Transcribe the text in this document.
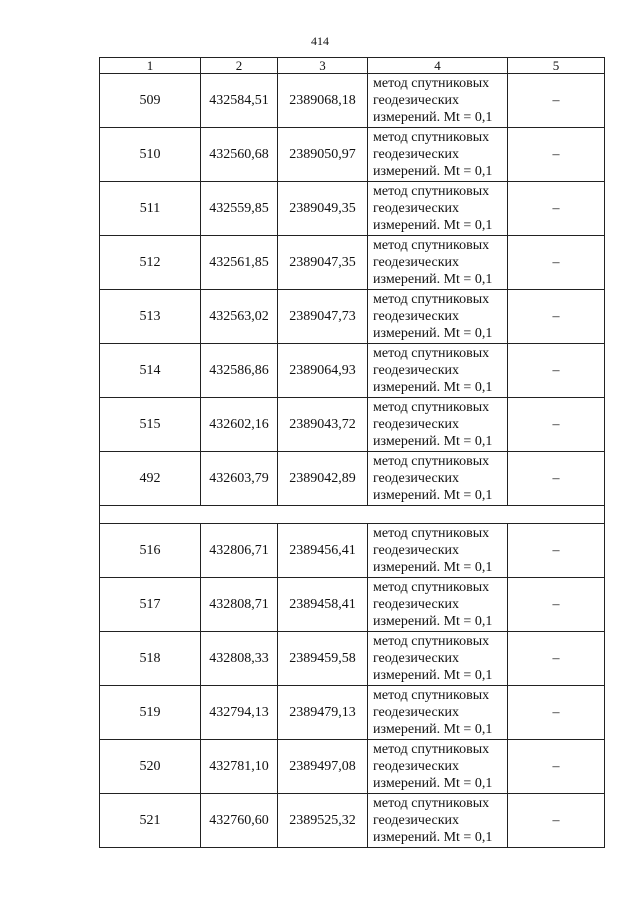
414
1	2	3	4	5
509	432584,51	2389068,18	метод спутниковых
геодезических
измерений. Mt = 0,1	–
510	432560,68	2389050,97	метод спутниковых
геодезических
измерений. Mt = 0,1	–
511	432559,85	2389049,35	метод спутниковых
геодезических
измерений. Mt = 0,1	–
512	432561,85	2389047,35	метод спутниковых
геодезических
измерений. Mt = 0,1	–
513	432563,02	2389047,73	метод спутниковых
геодезических
измерений. Mt = 0,1	–
514	432586,86	2389064,93	метод спутниковых
геодезических
измерений. Mt = 0,1	–
515	432602,16	2389043,72	метод спутниковых
геодезических
измерений. Mt = 0,1	–
492	432603,79	2389042,89	метод спутниковых
геодезических
измерений. Mt = 0,1	–

516	432806,71	2389456,41	метод спутниковых
геодезических
измерений. Mt = 0,1	–
517	432808,71	2389458,41	метод спутниковых
геодезических
измерений. Mt = 0,1	–
518	432808,33	2389459,58	метод спутниковых
геодезических
измерений. Mt = 0,1	–
519	432794,13	2389479,13	метод спутниковых
геодезических
измерений. Mt = 0,1	–
520	432781,10	2389497,08	метод спутниковых
геодезических
измерений. Mt = 0,1	–
521	432760,60	2389525,32	метод спутниковых
геодезических
измерений. Mt = 0,1	–
